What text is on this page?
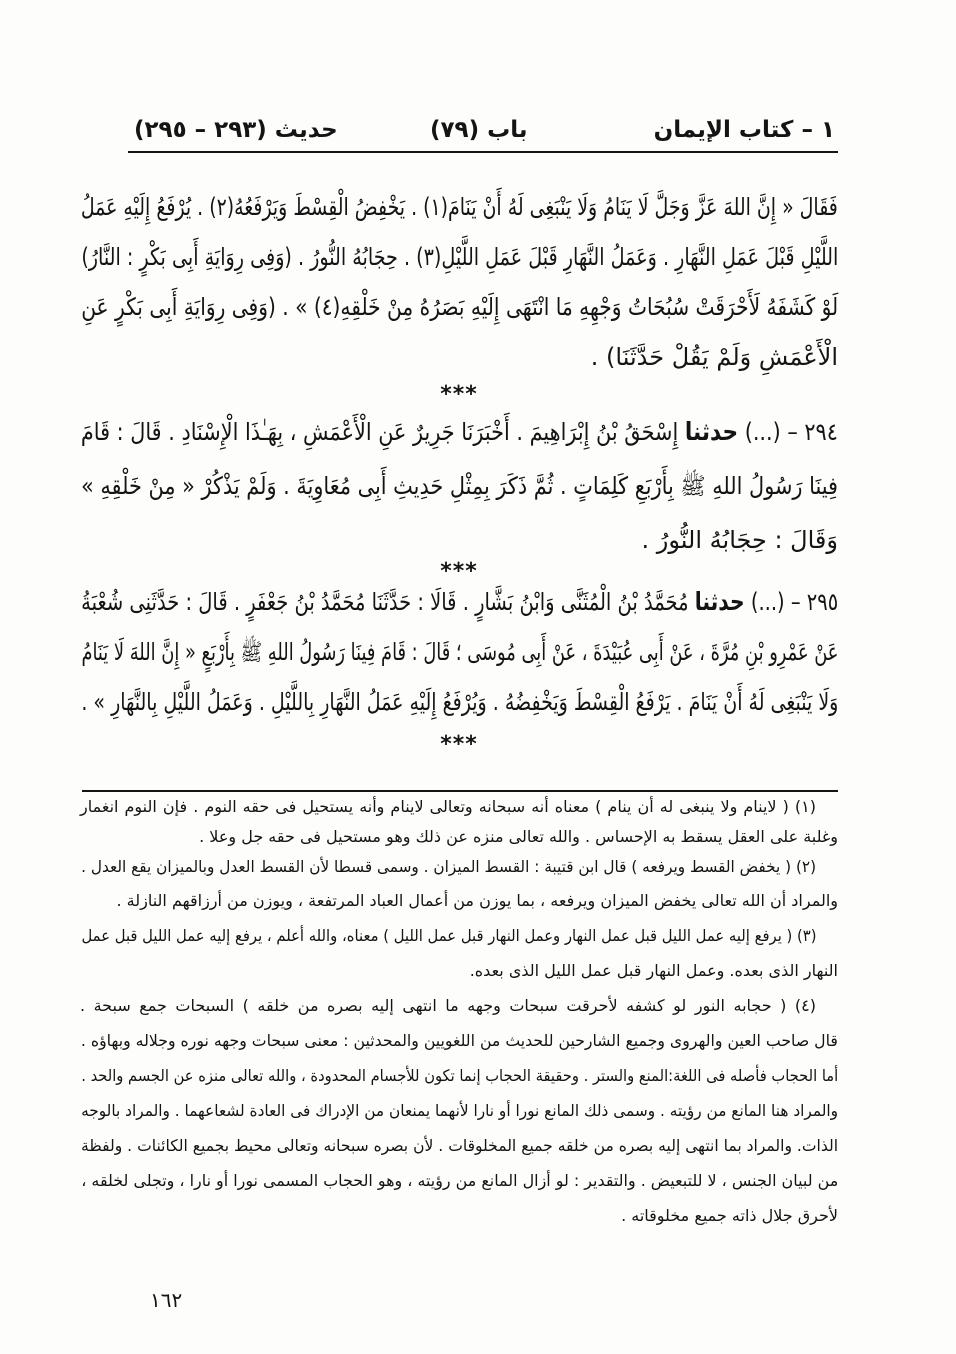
١ – كتاب الإيمان
باب (٧٩)
حديث (٢٩٣ – ٢٩٥)
فَقَالَ « إِنَّ اللهَ عَزَّ وَجَلَّ لَا يَنَامُ وَلَا يَنْبَغِى لَهُ أَنْ يَنَامَ(١) . يَخْفِضُ الْقِسْطَ وَيَرْفَعُهُ(٢) . يُرْفَعُ إِلَيْهِ عَمَلُ
اللَّيْلِ قَبْلَ عَمَلِ النَّهَارِ . وَعَمَلُ النَّهَارِ قَبْلَ عَمَلِ اللَّيْلِ(٣) . حِجَابُهُ النُّورُ . (وَفِى رِوَايَةِ أَبِى بَكْرٍ : النَّارُ)
لَوْ كَشَفَهُ لَأَحْرَقَتْ سُبُحَاتُ وَجْهِهِ مَا انْتَهَى إِلَيْهِ بَصَرُهُ مِنْ خَلْقِهِ(٤) » . (وَفِى رِوَايَةِ أَبِى بَكْرٍ عَنِ
الْأَعْمَشِ وَلَمْ يَقُلْ حَدَّثَنَا) .
***
٢٩٤ – (...) حدثنا إِسْحَقُ بْنُ إِبْرَاهِيمَ . أَخْبَرَنَا جَرِيرٌ عَنِ الْأَعْمَشِ ، بِهَـٰذَا الْإِسْنَادِ . قَالَ : قَامَ
فِينَا رَسُولُ اللهِ ﷺ بِأَرْبَعِ كَلِمَاتٍ . ثُمَّ ذَكَرَ بِمِثْلِ حَدِيثِ أَبِى مُعَاوِيَةَ . وَلَمْ يَذْكُرْ « مِنْ خَلْقِهِ »
وَقَالَ : حِجَابُهُ النُّورُ .
***
٢٩٥ – (...) حدثنا مُحَمَّدُ بْنُ الْمُثَنَّى وَابْنُ بَشَّارٍ . قَالَا : حَدَّثَنَا مُحَمَّدُ بْنُ جَعْفَرٍ . قَالَ : حَدَّثَنِى شُعْبَةُ
عَنْ عَمْرِو بْنِ مُرَّةَ ، عَنْ أَبِى عُبَيْدَةَ ، عَنْ أَبِى مُوسَى ؛ قَالَ : قَامَ فِينَا رَسُولُ اللهِ ﷺ بِأَرْبَعٍ « إِنَّ اللهَ لَا يَنَامُ
وَلَا يَنْبَغِى لَهُ أَنْ يَنَامَ . يَرْفَعُ الْقِسْطَ وَيَخْفِضُهُ . وَيُرْفَعُ إِلَيْهِ عَمَلُ النَّهَارِ بِاللَّيْلِ . وَعَمَلُ اللَّيْلِ بِالنَّهَارِ » .
***
(١) ( لاينام ولا ينبغى له أن ينام ) معناه أنه سبحانه وتعالى لاينام وأنه يستحيل فى حقه النوم . فإن النوم انغمار
وغلبة على العقل يسقط به الإحساس . والله تعالى منزه عن ذلك وهو مستحيل فى حقه جل وعلا .
(٢) ( يخفض القسط ويرفعه ) قال ابن قتيبة : القسط الميزان . وسمى قسطا لأن القسط العدل وبالميزان يقع العدل .
والمراد أن الله تعالى يخفض الميزان ويرفعه ، بما يوزن من أعمال العباد المرتفعة ، ويوزن من أرزاقهم النازلة .
(٣) ( يرفع إليه عمل الليل قبل عمل النهار وعمل النهار قبل عمل الليل ) معناه، والله أعلم ، يرفع إليه عمل الليل قبل عمل
النهار الذى بعده. وعمل النهار قبل عمل الليل الذى بعده.
(٤) ( حجابه النور لو كشفه لأحرقت سبحات وجهه ما انتهى إليه بصره من خلقه ) السبحات جمع سبحة .
قال صاحب العين والهروى وجميع الشارحين للحديث من اللغويين والمحدثين : معنى سبحات وجهه نوره وجلاله وبهاؤه .
أما الحجاب فأصله فى اللغة:المنع والستر . وحقيقة الحجاب إنما تكون للأجسام المحدودة ، والله تعالى منزه عن الجسم والحد .
والمراد هنا المانع من رؤيته . وسمى ذلك المانع نورا أو نارا لأنهما يمنعان من الإدراك فى العادة لشعاعهما . والمراد بالوجه
الذات. والمراد بما انتهى إليه بصره من خلقه جميع المخلوقات . لأن بصره سبحانه وتعالى محيط بجميع الكائنات . ولفظة
من لبيان الجنس ، لا للتبعيض . والتقدير : لو أزال المانع من رؤيته ، وهو الحجاب المسمى نورا أو نارا ، وتجلى لخلقه ،
لأحرق جلال ذاته جميع مخلوقاته .
١٦٢
